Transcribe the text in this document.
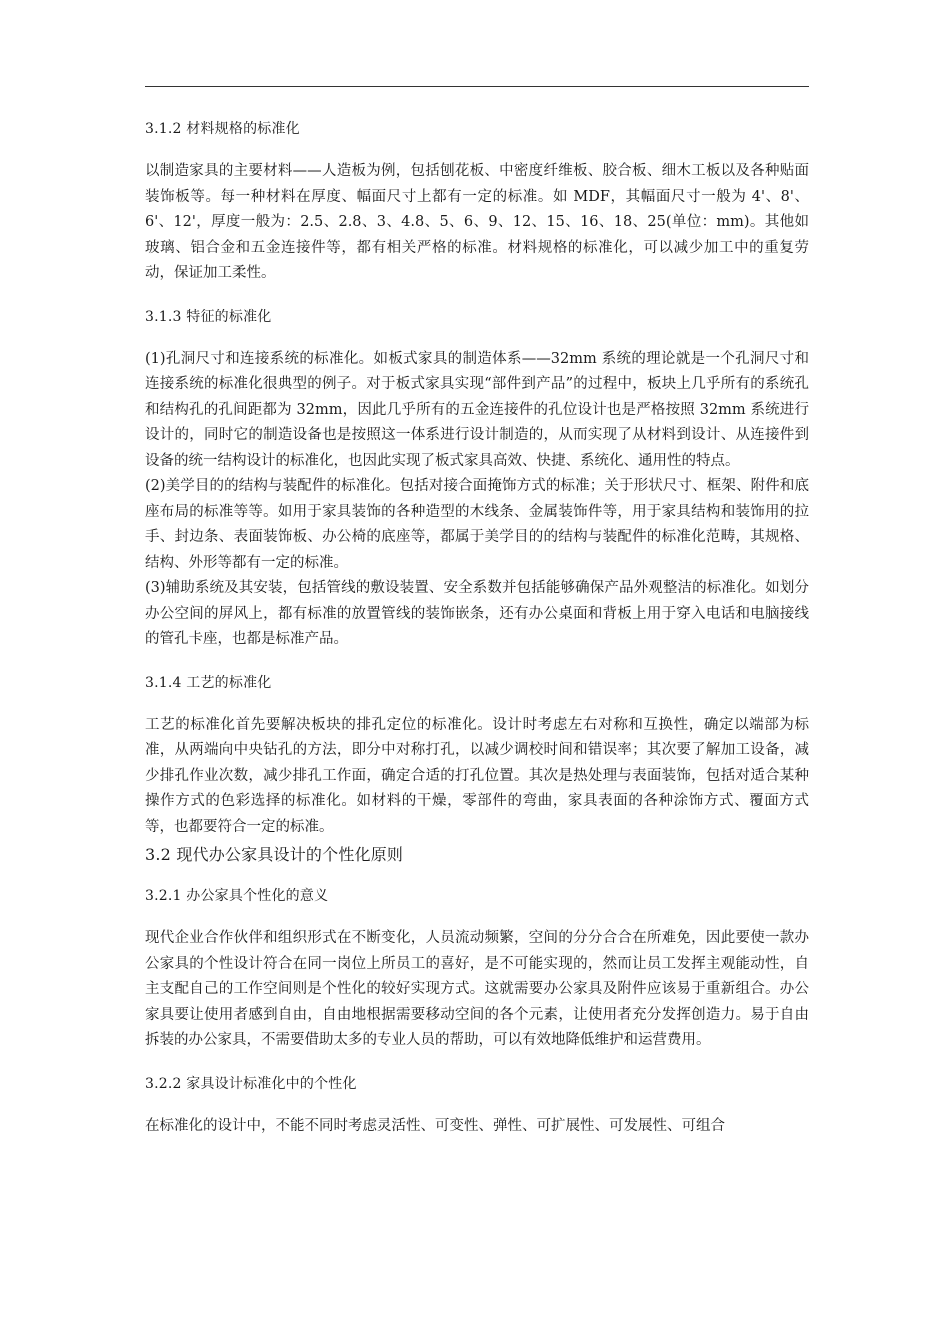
3.1.2 材料规格的标准化

以制造家具的主要材料——人造板为例，包括刨花板、中密度纤维板、胶合板、细木工板以及各种贴面装饰板等。每一种材料在厚度、幅面尺寸上都有一定的标准。如 MDF，其幅面尺寸一般为 4'、8'、6'、12'，厚度一般为：2.5、2.8、3、4.8、5、6、9、12、15、16、18、25(单位：mm)。其他如玻璃、铝合金和五金连接件等，都有相关严格的标准。材料规格的标准化，可以减少加工中的重复劳动，保证加工柔性。

3.1.3 特征的标准化

(1)孔洞尺寸和连接系统的标准化。如板式家具的制造体系——32mm 系统的理论就是一个孔洞尺寸和连接系统的标准化很典型的例子。对于板式家具实现“部件到产品”的过程中，板块上几乎所有的系统孔和结构孔的孔间距都为 32mm，因此几乎所有的五金连接件的孔位设计也是严格按照 32mm 系统进行设计的，同时它的制造设备也是按照这一体系进行设计制造的，从而实现了从材料到设计、从连接件到设备的统一结构设计的标准化，也因此实现了板式家具高效、快捷、系统化、通用性的特点。

(2)美学目的的结构与装配件的标准化。包括对接合面掩饰方式的标准；关于形状尺寸、框架、附件和底座布局的标准等等。如用于家具装饰的各种造型的木线条、金属装饰件等，用于家具结构和装饰用的拉手、封边条、表面装饰板、办公椅的底座等，都属于美学目的的结构与装配件的标准化范畴，其规格、结构、外形等都有一定的标准。

(3)辅助系统及其安装，包括管线的敷设装置、安全系数并包括能够确保产品外观整洁的标准化。如划分办公空间的屏风上，都有标准的放置管线的装饰嵌条，还有办公桌面和背板上用于穿入电话和电脑接线的管孔卡座，也都是标准产品。

3.1.4 工艺的标准化

工艺的标准化首先要解决板块的排孔定位的标准化。设计时考虑左右对称和互换性，确定以端部为标准，从两端向中央钻孔的方法，即分中对称打孔，以减少调校时间和错误率；其次要了解加工设备，减少排孔作业次数，减少排孔工作面，确定合适的打孔位置。其次是热处理与表面装饰，包括对适合某种操作方式的色彩选择的标准化。如材料的干燥，零部件的弯曲，家具表面的各种涂饰方式、覆面方式等，也都要符合一定的标准。

3.2 现代办公家具设计的个性化原则

3.2.1 办公家具个性化的意义

现代企业合作伙伴和组织形式在不断变化，人员流动频繁，空间的分分合合在所难免，因此要使一款办公家具的个性设计符合在同一岗位上所员工的喜好，是不可能实现的，然而让员工发挥主观能动性，自主支配自己的工作空间则是个性化的较好实现方式。这就需要办公家具及附件应该易于重新组合。办公家具要让使用者感到自由，自由地根据需要移动空间的各个元素，让使用者充分发挥创造力。易于自由拆装的办公家具，不需要借助太多的专业人员的帮助，可以有效地降低维护和运营费用。

3.2.2 家具设计标准化中的个性化

在标准化的设计中，不能不同时考虑灵活性、可变性、弹性、可扩展性、可发展性、可组合
